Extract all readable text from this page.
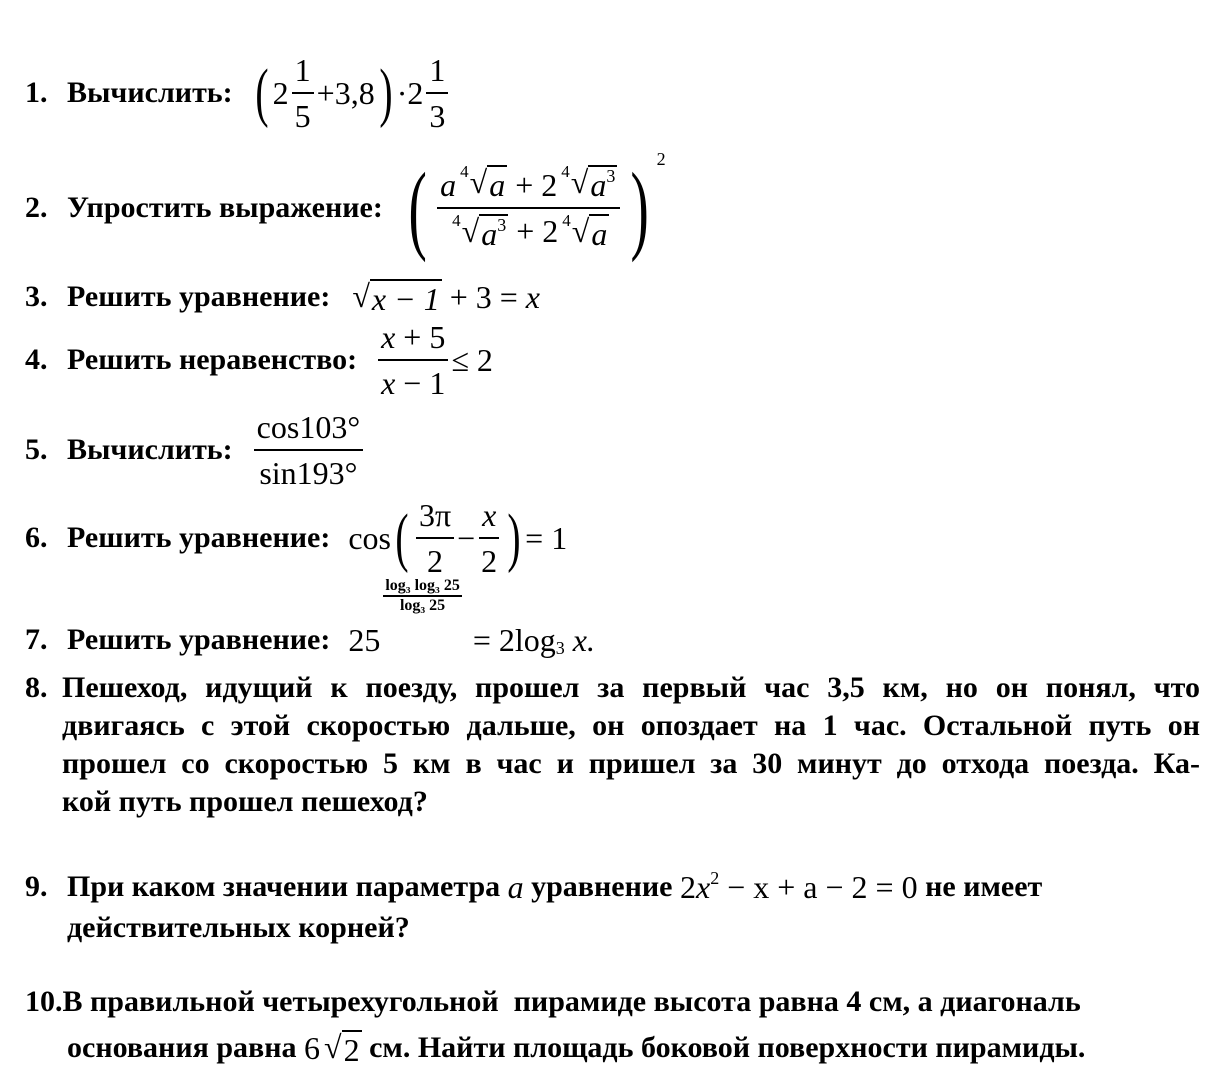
1. Вычислить: ( $2 \frac{1}{5} +3,8$ ) $\cdot 2 \frac{1}{3}$
2. Упростить выражение: ( a 4 √ a
+
2 4 √ $a^3$
4 √ $a^3$
+
2 4 √ a ) $^2$
3. Решить уравнение: √ x − 1
+ 3 =
x
4. Решить неравенство: x
+ 5
x
− 1 ≤ 2
5. Вычислить: $\frac{\cos 103^\circ}{\sin 193^\circ}$
6. Решить уравнение: cos ( $\frac{3\pi}{2} - \frac{x}{2}$ ) = 1
7. Решить уравнение: 25
$\frac{\text{log₃ log₃ 25}}{\text{log₃ 25}}$

= 2log 3
x.
8. Пешеход, идущий к поезду, прошел за первый час 3,5 км, но он понял, что
двигаясь с этой скоростью дальше, он опоздает на 1 час. Остальной путь он
прошел со скоростью 5 км в час и пришел за 30 минут до отхода поезда. Ка-
кой путь прошел пешеход?
9. При каком значении параметра
a
уравнение
2 $x^2$
− x + a − 2 = 0
не имеет
действительных корней?
10. В правильной четырехугольной  пирамиде высота равна 4 см, а диагональ
основания равна
6 √ 2
см. Найти площадь боковой поверхности пирамиды.
